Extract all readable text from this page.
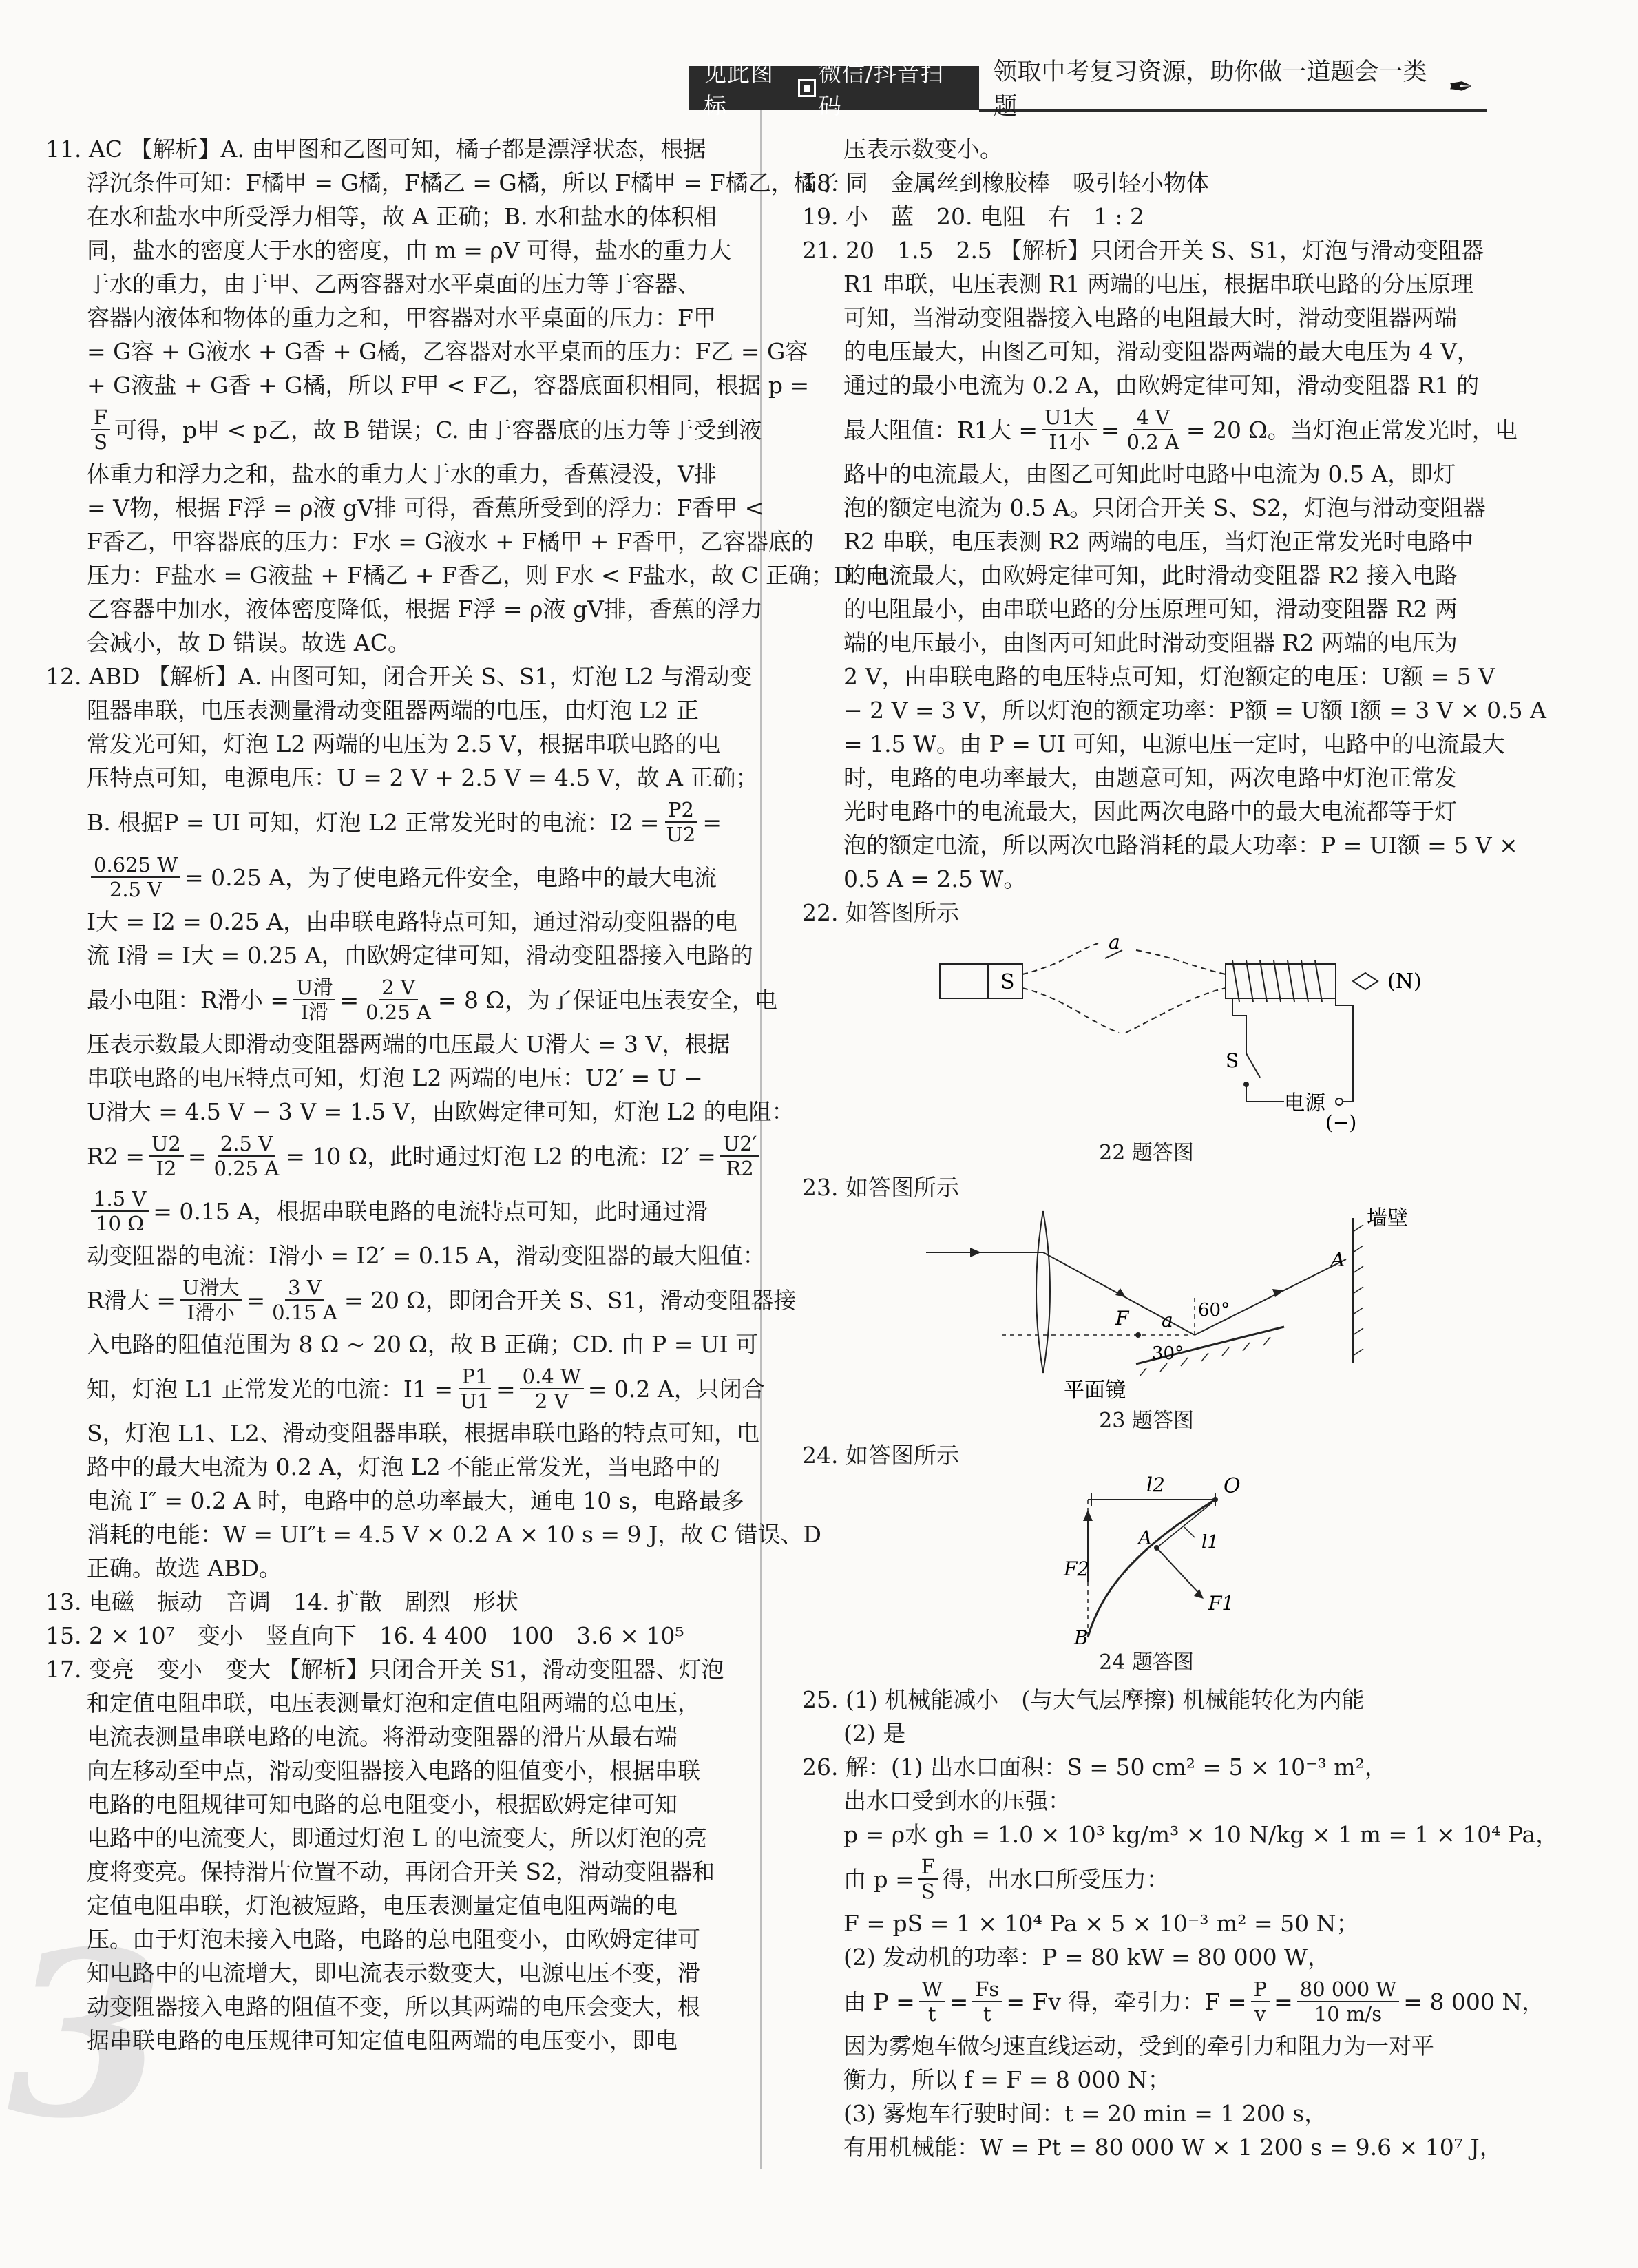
见此图标
微信/抖音扫码
领取中考复习资源，助你做一道题会一类题
✒
3
11. AC 【解析】A. 由甲图和乙图可知，橘子都是漂浮状态，根据
浮沉条件可知：F橘甲 = G橘，F橘乙 = G橘，所以 F橘甲 = F橘乙，橘子
在水和盐水中所受浮力相等，故 A 正确；B. 水和盐水的体积相
同，盐水的密度大于水的密度，由 m = ρV 可得，盐水的重力大
于水的重力，由于甲、乙两容器对水平桌面的压力等于容器、
容器内液体和物体的重力之和，甲容器对水平桌面的压力：F甲
= G容 + G液水 + G香 + G橘，乙容器对水平桌面的压力：F乙 = G容
+ G液盐 + G香 + G橘，所以 F甲 < F乙，容器底面积相同，根据 p =
$\frac{F}{S}$ 可得，p甲 < p乙，故 B 错误；C. 由于容器底的压力等于受到液
体重力和浮力之和，盐水的重力大于水的重力，香蕉浸没，V排
= V物，根据 F浮 = ρ液 gV排 可得，香蕉所受到的浮力：F香甲 <
F香乙，甲容器底的压力：F水 = G液水 + F橘甲 + F香甲，乙容器底的
压力：F盐水 = G液盐 + F橘乙 + F香乙，则 F水 < F盐水，故 C 正确；D. 向
乙容器中加水，液体密度降低，根据 F浮 = ρ液 gV排，香蕉的浮力
会减小，故 D 错误。故选 AC。
12. ABD 【解析】A. 由图可知，闭合开关 S、S1，灯泡 L2 与滑动变
阻器串联，电压表测量滑动变阻器两端的电压，由灯泡 L2 正
常发光可知，灯泡 L2 两端的电压为 2.5 V，根据串联电路的电
压特点可知，电源电压：U = 2 V + 2.5 V = 4.5 V，故 A 正确；
B. 根据P = UI 可知，灯泡 L2 正常发光时的电流：$I2 = \frac{P2}{U2}$ =
$\frac{0.625 W}{2.5 V} = 0.25$ A，为了使电路元件安全，电路中的最大电流
I大 = I2 = 0.25 A，由串联电路特点可知，通过滑动变阻器的电
流 I滑 = I大 = 0.25 A，由欧姆定律可知，滑动变阻器接入电路的
最小电阻：R滑小 = $\frac{\text{U滑}}{\text{I滑}} = \frac{2 V}{0.25 A} = 8$ Ω，为了保证电压表安全，电
压表示数最大即滑动变阻器两端的电压最大 U滑大 = 3 V，根据
串联电路的电压特点可知，灯泡 L2 两端的电压：U2′ = U −
U滑大 = 4.5 V − 3 V = 1.5 V，由欧姆定律可知，灯泡 L2 的电阻：
$R2 = \frac{U2}{I2} = \frac{2.5 V}{0.25 A} = 10$ Ω，此时通过灯泡 L2 的电流：$I2' = \frac{U2'}{R2}$
$\frac{1.5 V}{10 \Omega} = 0.15$ A，根据串联电路的电流特点可知，此时通过滑
动变阻器的电流：I滑小 = I2′ = 0.15 A，滑动变阻器的最大阻值：
R滑大 = $\frac{\text{U滑大}}{\text{I滑小}} = \frac{3 V}{0.15 A} = 20$ Ω，即闭合开关 S、S1，滑动变阻器接
入电路的阻值范围为 8 Ω ~ 20 Ω，故 B 正确；CD. 由 P = UI 可
知，灯泡 L1 正常发光的电流：$I1 = \frac{P1}{U1} = \frac{0.4 W}{2 V} = 0.2$ A，只闭合
S，灯泡 L1、L2、滑动变阻器串联，根据串联电路的特点可知，电
路中的最大电流为 0.2 A，灯泡 L2 不能正常发光，当电路中的
电流 I″ = 0.2 A 时，电路中的总功率最大，通电 10 s，电路最多
消耗的电能：W = UI″t = 4.5 V × 0.2 A × 10 s = 9 J，故 C 错误、D
正确。故选 ABD。
13. 电磁　振动　音调　14. 扩散　剧烈　形状
15. 2 × 10⁷　变小　竖直向下　16. 4 400　100　3.6 × 10⁵
17. 变亮　变小　变大 【解析】只闭合开关 S1，滑动变阻器、灯泡
和定值电阻串联，电压表测量灯泡和定值电阻两端的总电压，
电流表测量串联电路的电流。将滑动变阻器的滑片从最右端
向左移动至中点，滑动变阻器接入电路的阻值变小，根据串联
电路的电阻规律可知电路的总电阻变小，根据欧姆定律可知
电路中的电流变大，即通过灯泡 L 的电流变大，所以灯泡的亮
度将变亮。保持滑片位置不动，再闭合开关 S2，滑动变阻器和
定值电阻串联，灯泡被短路，电压表测量定值电阻两端的电
压。由于灯泡未接入电路，电路的总电阻变小，由欧姆定律可
知电路中的电流增大，即电流表示数变大，电源电压不变，滑
动变阻器接入电路的阻值不变，所以其两端的电压会变大，根
据串联电路的电压规律可知定值电阻两端的电压变小，即电
压表示数变小。
18. 同　金属丝到橡胶棒　吸引轻小物体
19. 小　蓝　20. 电阻　右　1 : 2
21. 20　1.5　2.5 【解析】只闭合开关 S、S1，灯泡与滑动变阻器
R1 串联，电压表测 R1 两端的电压，根据串联电路的分压原理
可知，当滑动变阻器接入电路的电阻最大时，滑动变阻器两端
的电压最大，由图乙可知，滑动变阻器两端的最大电压为 4 V，
通过的最小电流为 0.2 A，由欧姆定律可知，滑动变阻器 R1 的
最大阻值：R1大 = $\frac{\text{U1大}}{\text{I1小}} = \frac{4 V}{0.2 A} = 20$ Ω。当灯泡正常发光时，电
路中的电流最大，由图乙可知此时电路中电流为 0.5 A，即灯
泡的额定电流为 0.5 A。只闭合开关 S、S2，灯泡与滑动变阻器
R2 串联，电压表测 R2 两端的电压，当灯泡正常发光时电路中
的电流最大，由欧姆定律可知，此时滑动变阻器 R2 接入电路
的电阻最小，由串联电路的分压原理可知，滑动变阻器 R2 两
端的电压最小，由图丙可知此时滑动变阻器 R2 两端的电压为
2 V，由串联电路的电压特点可知，灯泡额定的电压：U额 = 5 V
− 2 V = 3 V，所以灯泡的额定功率：P额 = U额 I额 = 3 V × 0.5 A
= 1.5 W。由 P = UI 可知，电源电压一定时，电路中的电流最大
时，电路的电功率最大，由题意可知，两次电路中灯泡正常发
光时电路中的电流最大，因此两次电路中的最大电流都等于灯
泡的额定电流，所以两次电路消耗的最大功率：P = UI额 = 5 V ×
0.5 A = 2.5 W。
22. 如答图所示
S
a
(N)
S
电源
(−)
22 题答图
23. 如答图所示
F a
30°
60°
A
墙壁
平面镜
23 题答图
24. 如答图所示
l2	O
F2
A	l1
F1
B
24 题答图
25. (1) 机械能减小　(与大气层摩擦) 机械能转化为内能
(2) 是
26. 解：(1) 出水口面积：S = 50 cm² = 5 × 10⁻³ m²，
出水口受到水的压强：
p = ρ水 gh = 1.0 × 10³ kg/m³ × 10 N/kg × 1 m = 1 × 10⁴ Pa，
由 $p = \frac{F}{S}$ 得，出水口所受压力：
F = pS = 1 × 10⁴ Pa × 5 × 10⁻³ m² = 50 N；
(2) 发动机的功率：P = 80 kW = 80 000 W，
由 $P = \frac{W}{t} = \frac{Fs}{t} = Fv$ 得，牵引力：$F = \frac{P}{v} = \frac{80 000 W}{10 m/s} = 8$ 000 N，
因为雾炮车做匀速直线运动，受到的牵引力和阻力为一对平
衡力，所以 f = F = 8 000 N；
(3) 雾炮车行驶时间：t = 20 min = 1 200 s，
有用机械能：W = Pt = 80 000 W × 1 200 s = 9.6 × 10⁷ J，
